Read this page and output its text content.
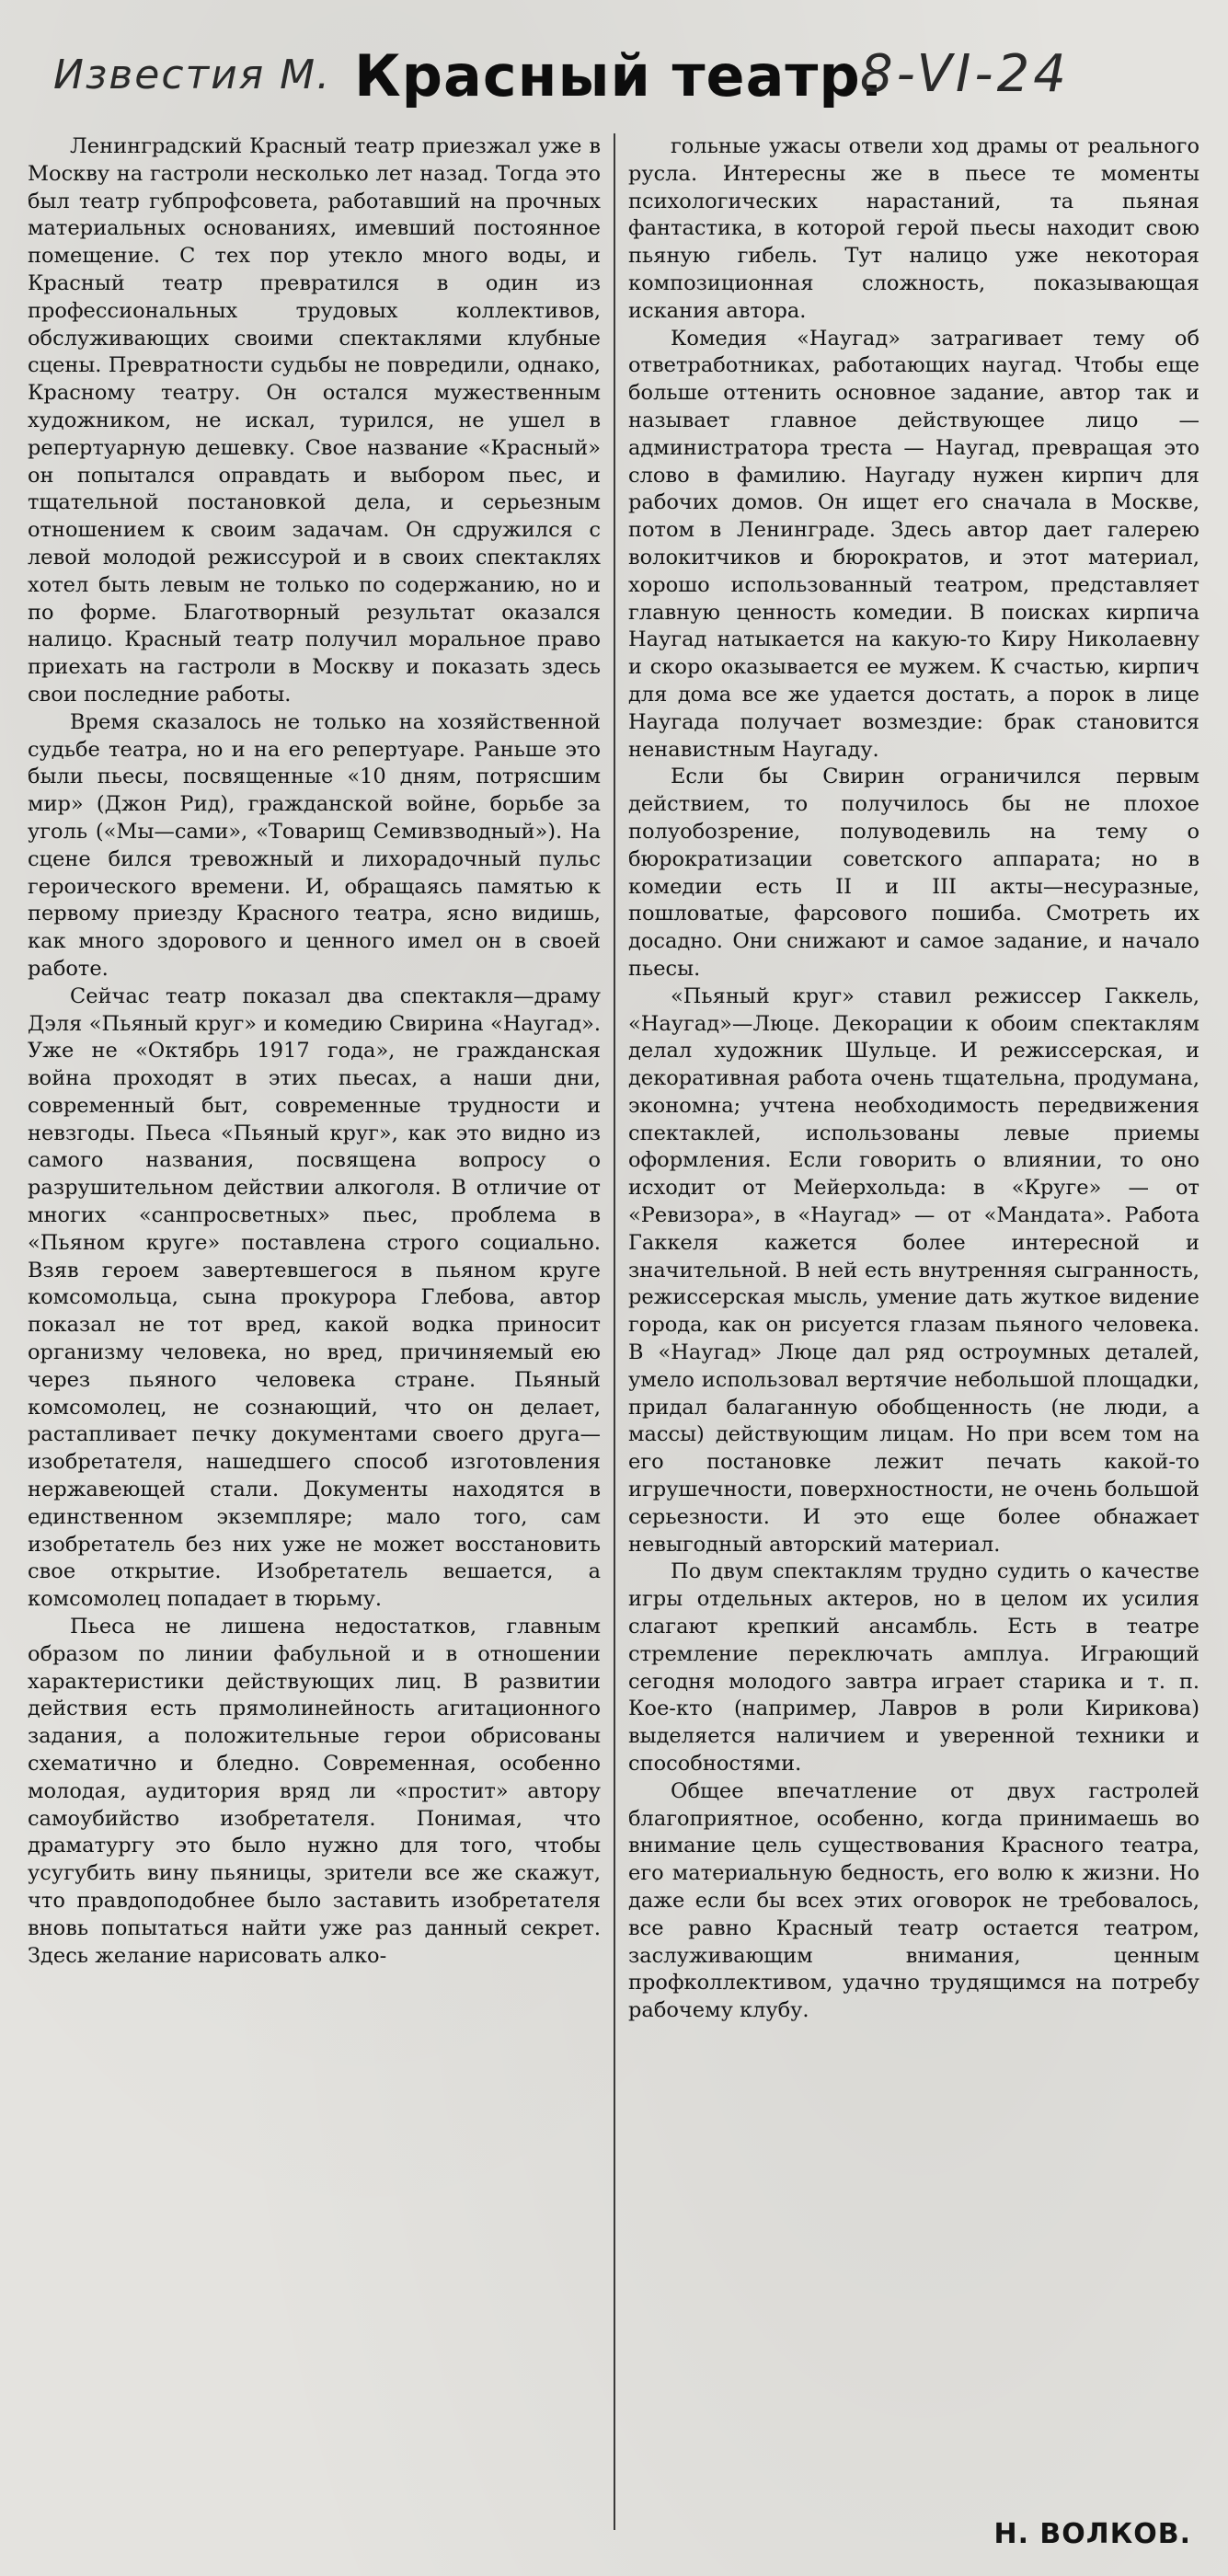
Известия М. Красный театр.
8-VI-24

Ленинградский Красный театр приезжал уже в Москву на гастроли несколько лет назад. Тогда это был театр губпрофсовета, работавший на прочных материальных основаниях, имевший постоянное помещение. С тех пор утекло много воды, и Красный театр превратился в один из профессиональных трудовых коллективов, обслуживающих своими спектаклями клубные сцены. Превратности судьбы не повредили, однако, Красному театру. Он остался мужественным художником, не искал, турился, не ушел в репертуарную дешевку. Свое название «Красный» он попытался оправдать и выбором пьес, и тщательной постановкой дела, и серьезным отношением к своим задачам. Он сдружился с левой молодой режиссурой и в своих спектаклях хотел быть левым не только по содержанию, но и по форме. Благотворный результат оказался налицо. Красный театр получил моральное право приехать на гастроли в Москву и показать здесь свои последние работы.

Время сказалось не только на хозяйственной судьбе театра, но и на его репертуаре. Раньше это были пьесы, посвященные «10 дням, потрясшим мир» (Джон Рид), гражданской войне, борьбе за уголь («Мы—сами», «Товарищ Семивзводный»). На сцене бился тревожный и лихорадочный пульс героического времени. И, обращаясь памятью к первому приезду Красного театра, ясно видишь, как много здорового и ценного имел он в своей работе.

Сейчас театр показал два спектакля—драму Дэля «Пьяный круг» и комедию Свирина «Наугад». Уже не «Октябрь 1917 года», не гражданская война проходят в этих пьесах, а наши дни, современный быт, современные трудности и невзгоды. Пьеса «Пьяный круг», как это видно из самого названия, посвящена вопросу о разрушительном действии алкоголя. В отличие от многих «санпросветных» пьес, проблема в «Пьяном круге» поставлена строго социально. Взяв героем завертевшегося в пьяном круге комсомольца, сына прокурора Глебова, автор показал не тот вред, какой водка приносит организму человека, но вред, причиняемый ею через пьяного человека стране. Пьяный комсомолец, не сознающий, что он делает, растапливает печку документами своего друга—изобретателя, нашедшего способ изготовления нержавеющей стали. Документы находятся в единственном экземпляре; мало того, сам изобретатель без них уже не может восстановить свое открытие. Изобретатель вешается, а комсомолец попадает в тюрьму.

Пьеса не лишена недостатков, главным образом по линии фабульной и в отношении характеристики действующих лиц. В развитии действия есть прямолинейность агитационного задания, а положительные герои обрисованы схематично и бледно. Современная, особенно молодая, аудитория вряд ли «простит» автору самоубийство изобретателя. Понимая, что драматургу это было нужно для того, чтобы усугубить вину пьяницы, зрители все же скажут, что правдоподобнее было заставить изобретателя вновь попытаться найти уже раз данный секрет. Здесь желание нарисовать алко-

гольные ужасы отвели ход драмы от реального русла. Интересны же в пьесе те моменты психологических нарастаний, та пьяная фантастика, в которой герой пьесы находит свою пьяную гибель. Тут налицо уже некоторая композиционная сложность, показывающая искания автора.

Комедия «Наугад» затрагивает тему об ответработниках, работающих наугад. Чтобы еще больше оттенить основное задание, автор так и называет главное действующее лицо — администратора треста — Наугад, превращая это слово в фамилию. Наугаду нужен кирпич для рабочих домов. Он ищет его сначала в Москве, потом в Ленинграде. Здесь автор дает галерею волокитчиков и бюрократов, и этот материал, хорошо использованный театром, представляет главную ценность комедии. В поисках кирпича Наугад натыкается на какую-то Киру Николаевну и скоро оказывается ее мужем. К счастью, кирпич для дома все же удается достать, а порок в лице Наугада получает возмездие: брак становится ненавистным Наугаду.

Если бы Свирин ограничился первым действием, то получилось бы не плохое полуобозрение, полуводевиль на тему о бюрократизации советского аппарата; но в комедии есть II и III акты—несуразные, пошловатые, фарсового пошиба. Смотреть их досадно. Они снижают и самое задание, и начало пьесы.

«Пьяный круг» ставил режиссер Гаккель, «Наугад»—Люце. Декорации к обоим спектаклям делал художник Шульце. И режиссерская, и декоративная работа очень тщательна, продумана, экономна; учтена необходимость передвижения спектаклей, использованы левые приемы оформления. Если говорить о влиянии, то оно исходит от Мейерхольда: в «Круге» — от «Ревизора», в «Наугад» — от «Мандата». Работа Гаккеля кажется более интересной и значительной. В ней есть внутренняя сыгранность, режиссерская мысль, умение дать жуткое видение города, как он рисуется глазам пьяного человека. В «Наугад» Люце дал ряд остроумных деталей, умело использовал вертячие небольшой площадки, придал балаганную обобщенность (не люди, а массы) действующим лицам. Но при всем том на его постановке лежит печать какой-то игрушечности, поверхностности, не очень большой серьезности. И это еще более обнажает невыгодный авторский материал.

По двум спектаклям трудно судить о качестве игры отдельных актеров, но в целом их усилия слагают крепкий ансамбль. Есть в театре стремление переключать амплуа. Играющий сегодня молодого завтра играет старика и т. п. Кое-кто (например, Лавров в роли Кирикова) выделяется наличием и уверенной техники и способностями.

Общее впечатление от двух гастролей благоприятное, особенно, когда принимаешь во внимание цель существования Красного театра, его материальную бедность, его волю к жизни. Но даже если бы всех этих оговорок не требовалось, все равно Красный театр остается театром, заслуживающим внимания, ценным профколлективом, удачно трудящимся на потребу рабочему клубу.

Н. ВОЛКОВ.
